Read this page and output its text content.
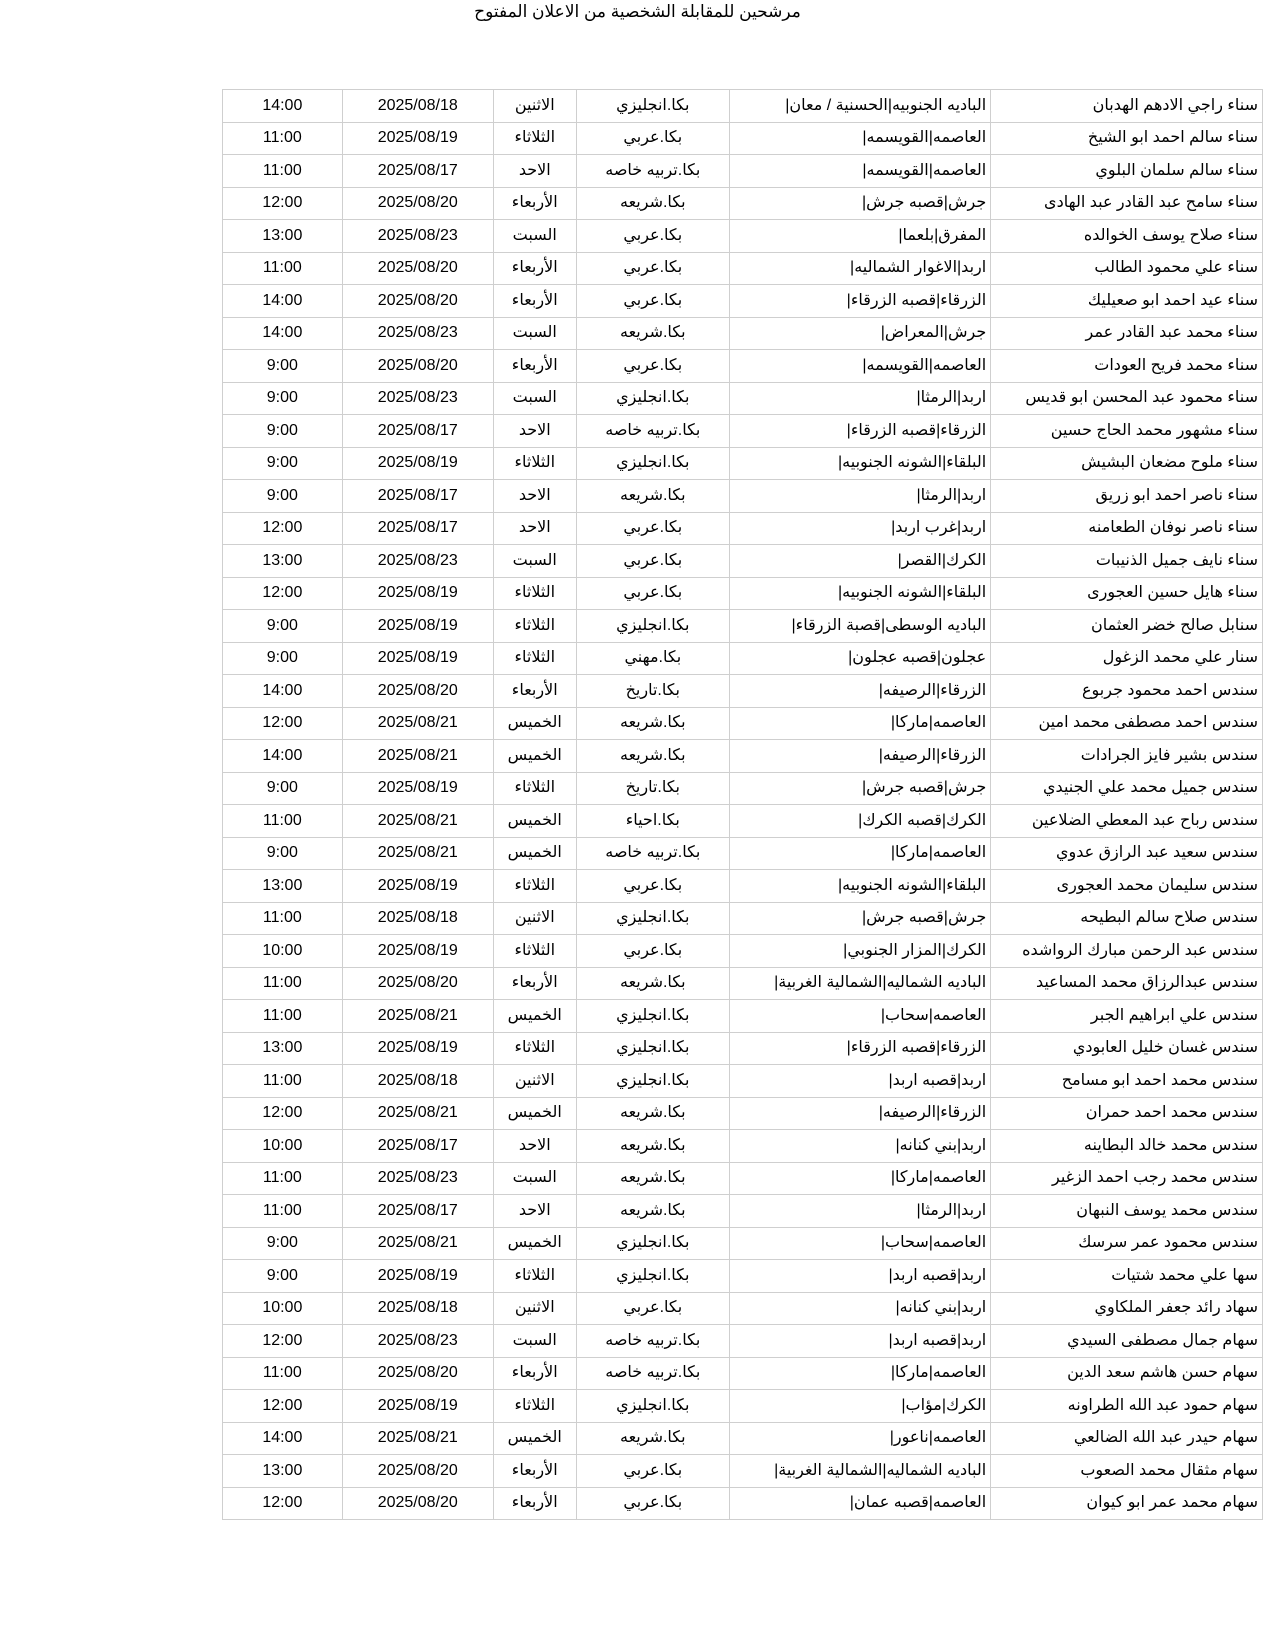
مرشحين للمقابلة الشخصية من الاعلان المفتوح
سناء راجي الادهم الهدبان	الباديه الجنوبيه|الحسنية / معان|	بكا.انجليزي	الاثنين	2025/08/18	14:00
سناء سالم احمد ابو الشيخ	العاصمه|القويسمه|	بكا.عربي	الثلاثاء	2025/08/19	11:00
سناء سالم سلمان البلوي	العاصمه|القويسمه|	بكا.تربيه خاصه	الاحد	2025/08/17	11:00
سناء سامح عبد القادر عبد الهادى	جرش|قصبه جرش|	بكا.شريعه	الأربعاء	2025/08/20	12:00
سناء صلاح يوسف الخوالده	المفرق|بلعما|	بكا.عربي	السبت	2025/08/23	13:00
سناء علي محمود الطالب	اربد|الاغوار الشماليه|	بكا.عربي	الأربعاء	2025/08/20	11:00
سناء عيد احمد ابو صعيليك	الزرقاء|قصبه الزرقاء|	بكا.عربي	الأربعاء	2025/08/20	14:00
سناء محمد عبد القادر عمر	جرش|المعراض|	بكا.شريعه	السبت	2025/08/23	14:00
سناء محمد فريح العودات	العاصمه|القويسمه|	بكا.عربي	الأربعاء	2025/08/20	9:00
سناء محمود عبد المحسن ابو قديس	اربد|الرمثا|	بكا.انجليزي	السبت	2025/08/23	9:00
سناء مشهور محمد الحاج حسين	الزرقاء|قصبه الزرقاء|	بكا.تربيه خاصه	الاحد	2025/08/17	9:00
سناء ملوح مضعان البشيش	البلقاء|الشونه الجنوبيه|	بكا.انجليزي	الثلاثاء	2025/08/19	9:00
سناء ناصر احمد ابو زريق	اربد|الرمثا|	بكا.شريعه	الاحد	2025/08/17	9:00
سناء ناصر نوفان الطعامنه	اربد|غرب اربد|	بكا.عربي	الاحد	2025/08/17	12:00
سناء نايف جميل الذنيبات	الكرك|القصر|	بكا.عربي	السبت	2025/08/23	13:00
سناء هايل حسين العجورى	البلقاء|الشونه الجنوبيه|	بكا.عربي	الثلاثاء	2025/08/19	12:00
سنابل صالح خضر العثمان	الباديه الوسطى|قصبة الزرقاء|	بكا.انجليزي	الثلاثاء	2025/08/19	9:00
سنار علي محمد الزغول	عجلون|قصبه عجلون|	بكا.مهني	الثلاثاء	2025/08/19	9:00
سندس احمد محمود جربوع	الزرقاء|الرصيفه|	بكا.تاريخ	الأربعاء	2025/08/20	14:00
سندس احمد مصطفى محمد امين	العاصمه|ماركا|	بكا.شريعه	الخميس	2025/08/21	12:00
سندس بشير فايز الجرادات	الزرقاء|الرصيفه|	بكا.شريعه	الخميس	2025/08/21	14:00
سندس جميل محمد علي الجنيدي	جرش|قصبه جرش|	بكا.تاريخ	الثلاثاء	2025/08/19	9:00
سندس رباح عبد المعطي الضلاعين	الكرك|قصبه الكرك|	بكا.احياء	الخميس	2025/08/21	11:00
سندس سعيد عبد الرازق عدوي	العاصمه|ماركا|	بكا.تربيه خاصه	الخميس	2025/08/21	9:00
سندس سليمان محمد العجورى	البلقاء|الشونه الجنوبيه|	بكا.عربي	الثلاثاء	2025/08/19	13:00
سندس صلاح سالم البطيحه	جرش|قصبه جرش|	بكا.انجليزي	الاثنين	2025/08/18	11:00
سندس عبد الرحمن مبارك الرواشده	الكرك|المزار الجنوبي|	بكا.عربي	الثلاثاء	2025/08/19	10:00
سندس عبدالرزاق محمد المساعيد	الباديه الشماليه|الشمالية الغربية|	بكا.شريعه	الأربعاء	2025/08/20	11:00
سندس علي ابراهيم الجبر	العاصمه|سحاب|	بكا.انجليزي	الخميس	2025/08/21	11:00
سندس غسان خليل العابودي	الزرقاء|قصبه الزرقاء|	بكا.انجليزي	الثلاثاء	2025/08/19	13:00
سندس محمد احمد ابو مسامح	اربد|قصبه اربد|	بكا.انجليزي	الاثنين	2025/08/18	11:00
سندس محمد احمد حمران	الزرقاء|الرصيفه|	بكا.شريعه	الخميس	2025/08/21	12:00
سندس محمد خالد البطاينه	اربد|بني كنانه|	بكا.شريعه	الاحد	2025/08/17	10:00
سندس محمد رجب احمد الزغير	العاصمه|ماركا|	بكا.شريعه	السبت	2025/08/23	11:00
سندس محمد يوسف النبهان	اربد|الرمثا|	بكا.شريعه	الاحد	2025/08/17	11:00
سندس محمود عمر سرسك	العاصمه|سحاب|	بكا.انجليزي	الخميس	2025/08/21	9:00
سها علي محمد شتيات	اربد|قصبه اربد|	بكا.انجليزي	الثلاثاء	2025/08/19	9:00
سهاد رائد جعفر الملكاوي	اربد|بني كنانه|	بكا.عربي	الاثنين	2025/08/18	10:00
سهام جمال مصطفى السيدي	اربد|قصبه اربد|	بكا.تربيه خاصه	السبت	2025/08/23	12:00
سهام حسن هاشم سعد الدين	العاصمه|ماركا|	بكا.تربيه خاصه	الأربعاء	2025/08/20	11:00
سهام حمود عبد الله الطراونه	الكرك|مؤاب|	بكا.انجليزي	الثلاثاء	2025/08/19	12:00
سهام حيدر عبد الله الضالعي	العاصمه|ناعور|	بكا.شريعه	الخميس	2025/08/21	14:00
سهام مثقال محمد الصعوب	الباديه الشماليه|الشمالية الغربية|	بكا.عربي	الأربعاء	2025/08/20	13:00
سهام محمد عمر ابو كيوان	العاصمه|قصبه عمان|	بكا.عربي	الأربعاء	2025/08/20	12:00
